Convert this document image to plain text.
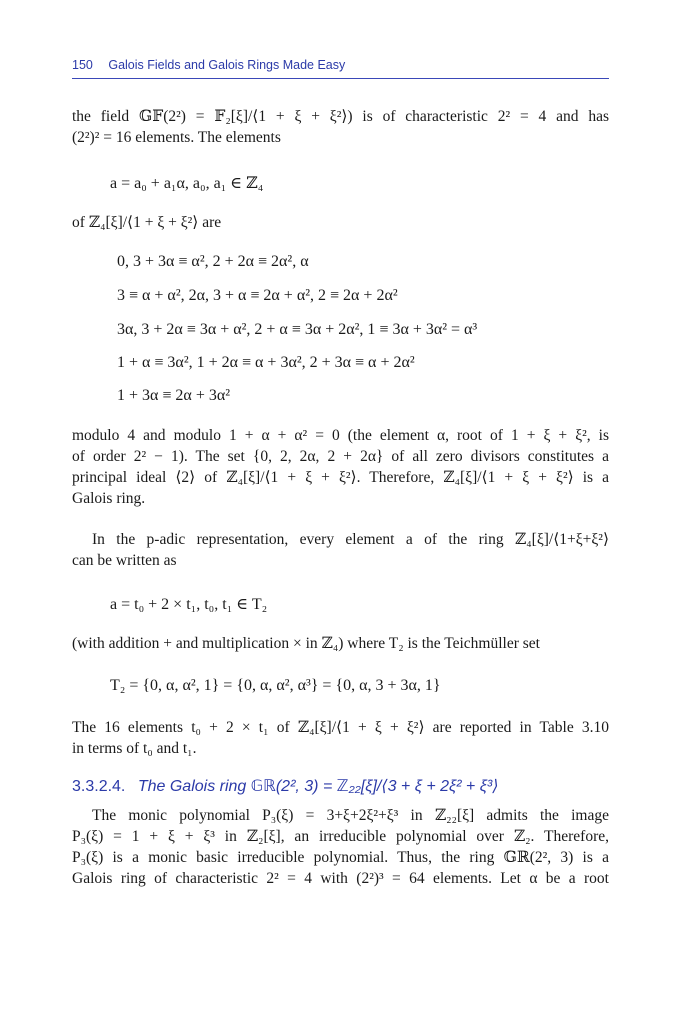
150 Galois Fields and Galois Rings Made Easy
the field 𝔾𝔽(2²) = 𝔽₂[ξ]/⟨1 + ξ + ξ²⟩) is of characteristic 2² = 4 and has
(2²)² = 16 elements. The elements
a = a₀ + a₁α, a₀, a₁ ∈ ℤ₄
of ℤ₄[ξ]/⟨1 + ξ + ξ²⟩ are
0, 3 + 3α ≡ α², 2 + 2α ≡ 2α², α
3 ≡ α + α², 2α, 3 + α ≡ 2α + α², 2 ≡ 2α + 2α²
3α, 3 + 2α ≡ 3α + α², 2 + α ≡ 3α + 2α², 1 ≡ 3α + 3α² = α³
1 + α ≡ 3α², 1 + 2α ≡ α + 3α², 2 + 3α ≡ α + 2α²
1 + 3α ≡ 2α + 3α²
modulo 4 and modulo 1 + α + α² = 0 (the element α, root of 1 + ξ + ξ², is
of order 2² − 1). The set {0, 2, 2α, 2 + 2α} of all zero divisors constitutes a
principal ideal ⟨2⟩ of ℤ₄[ξ]/⟨1 + ξ + ξ²⟩. Therefore, ℤ₄[ξ]/⟨1 + ξ + ξ²⟩ is a
Galois ring.
In the p-adic representation, every element a of the ring ℤ₄[ξ]/⟨1+ξ+ξ²⟩
can be written as
a = t₀ + 2 × t₁, t₀, t₁ ∈ T₂
(with addition + and multiplication × in ℤ₄) where T₂ is the Teichmüller set
T₂ = {0, α, α², 1} = {0, α, α², α³} = {0, α, 3 + 3α, 1}
The 16 elements t₀ + 2 × t₁ of ℤ₄[ξ]/⟨1 + ξ + ξ²⟩ are reported in Table 3.10
in terms of t₀ and t₁.
3.3.2.4. The Galois ring 𝔾ℝ(2², 3) = ℤ₂₂[ξ]/⟨3 + ξ + 2ξ² + ξ³⟩
The monic polynomial P₃(ξ) = 3+ξ+2ξ²+ξ³ in ℤ₂₂[ξ] admits the image
P₃(ξ) = 1 + ξ + ξ³ in ℤ₂[ξ], an irreducible polynomial over ℤ₂. Therefore,
P₃(ξ) is a monic basic irreducible polynomial. Thus, the ring 𝔾ℝ(2², 3) is a
Galois ring of characteristic 2² = 4 with (2²)³ = 64 elements. Let α be a root
